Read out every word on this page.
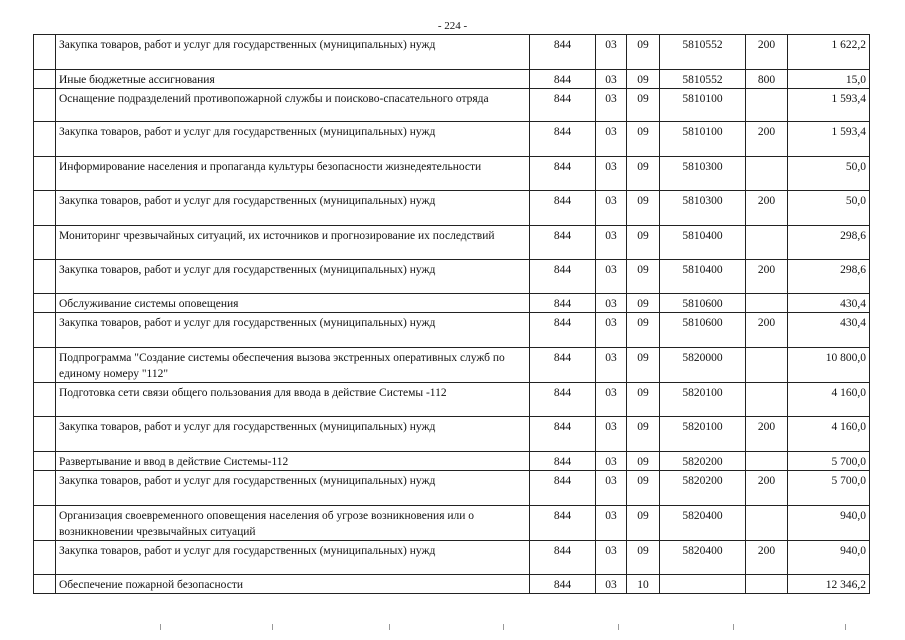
- 224 -
	Закупка товаров, работ и услуг для государственных (муниципальных) нужд	844	03	09	5810552	200	1 622,2
	Иные бюджетные ассигнования	844	03	09	5810552	800	15,0
	Оснащение подразделений противопожарной службы и поисково-спасательного отряда	844	03	09	5810100		1 593,4
	Закупка товаров, работ и услуг для государственных (муниципальных) нужд	844	03	09	5810100	200	1 593,4
	Информирование населения и пропаганда культуры безопасности жизнедеятельности	844	03	09	5810300		50,0
	Закупка товаров, работ и услуг для государственных (муниципальных) нужд	844	03	09	5810300	200	50,0
	Мониторинг чрезвычайных ситуаций, их источников и прогнозирование их последствий	844	03	09	5810400		298,6
	Закупка товаров, работ и услуг для государственных (муниципальных) нужд	844	03	09	5810400	200	298,6
	Обслуживание системы оповещения	844	03	09	5810600		430,4
	Закупка товаров, работ и услуг для государственных (муниципальных) нужд	844	03	09	5810600	200	430,4
	Подпрограмма "Создание системы обеспечения вызова экстренных оперативных служб по единому номеру "112"	844	03	09	5820000		10 800,0
	Подготовка сети связи общего пользования для ввода в действие Системы -112	844	03	09	5820100		4 160,0
	Закупка товаров, работ и услуг для государственных (муниципальных) нужд	844	03	09	5820100	200	4 160,0
	Развертывание и ввод в действие Системы-112	844	03	09	5820200		5 700,0
	Закупка товаров, работ и услуг для государственных (муниципальных) нужд	844	03	09	5820200	200	5 700,0
	Организация своевременного оповещения населения об угрозе возникновения или о возникновении чрезвычайных ситуаций	844	03	09	5820400		940,0
	Закупка товаров, работ и услуг для государственных (муниципальных) нужд	844	03	09	5820400	200	940,0
	Обеспечение пожарной безопасности	844	03	10			12 346,2
